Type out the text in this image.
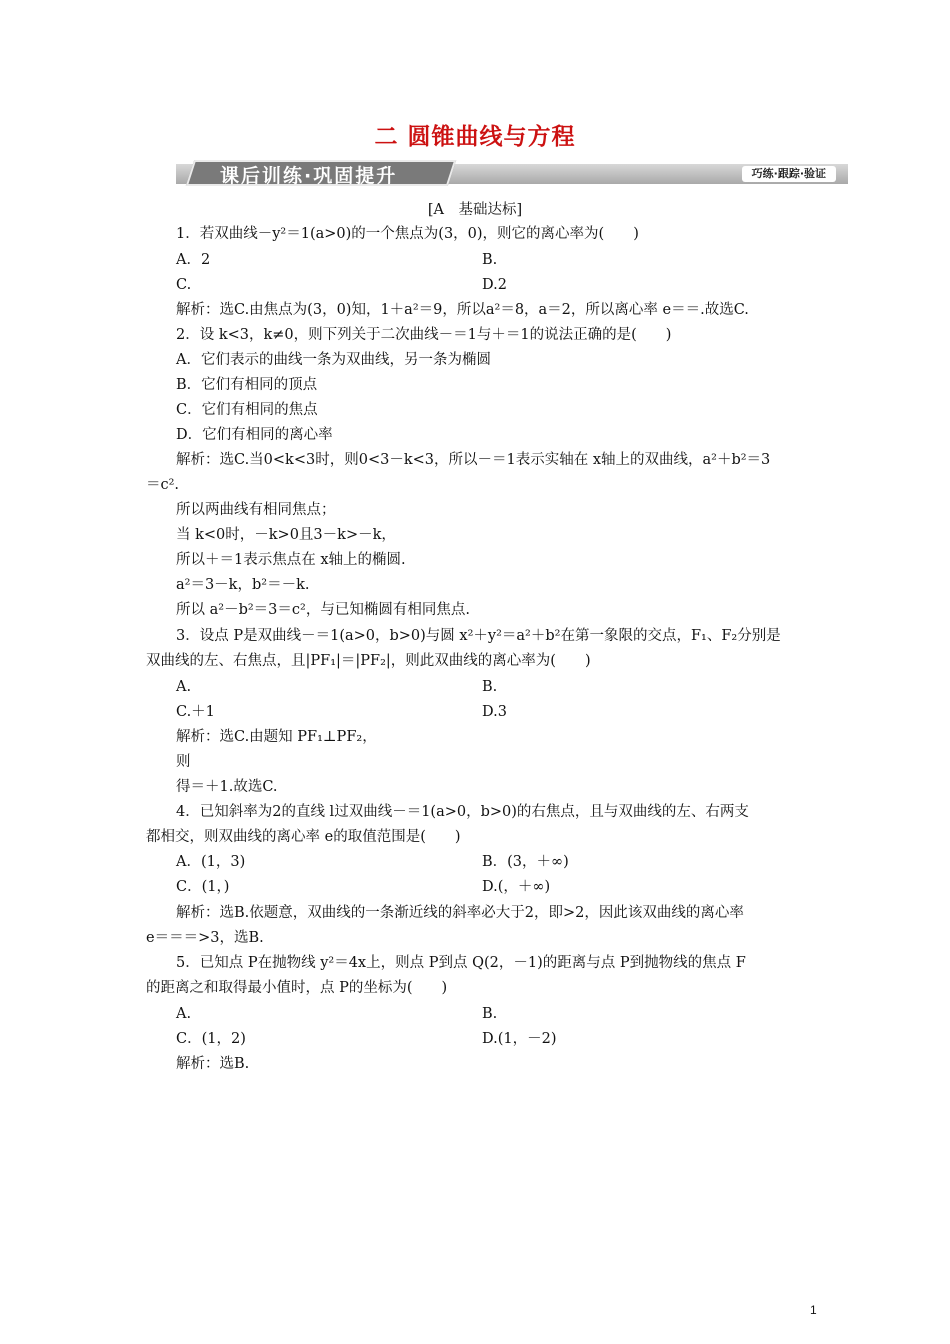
二 圆锥曲线与方程
课后训练·巩固提升	巧练·跟踪·验证
[A　基础达标]
1．若双曲线－y²＝1(a>0)的一个焦点为(3，0)，则它的离心率为(　　)
A．2	B.
C.	D.2
解析：选C.由焦点为(3，0)知，1＋a²＝9，所以a²＝8，a＝2，所以离心率 e＝＝.故选C.
2．设 k<3，k≠0，则下列关于二次曲线－＝1与＋＝1的说法正确的是(　　)
A．它们表示的曲线一条为双曲线，另一条为椭圆
B．它们有相同的顶点
C．它们有相同的焦点
D．它们有相同的离心率
解析：选C.当0<k<3时，则0<3－k<3，所以－＝1表示实轴在 x轴上的双曲线，a²＋b²＝3
＝c².
所以两曲线有相同焦点；
当 k<0时，－k>0且3－k>－k，
所以＋＝1表示焦点在 x轴上的椭圆.
a²＝3－k，b²＝－k.
所以 a²－b²＝3＝c²，与已知椭圆有相同焦点.
3．设点 P是双曲线－＝1(a>0，b>0)与圆 x²＋y²＝a²＋b²在第一象限的交点，F₁、F₂分别是
双曲线的左、右焦点，且|PF₁|＝|PF₂|，则此双曲线的离心率为(　　)
A.	B.
C.＋1	D.3
解析：选C.由题知 PF₁⊥PF₂，
则
得＝＋1.故选C.
4．已知斜率为2的直线 l过双曲线－＝1(a>0，b>0)的右焦点，且与双曲线的左、右两支
都相交，则双曲线的离心率 e的取值范围是(　　)
A．(1，3)	B．(3，＋∞)
C．(1，)	D.(，＋∞)
解析：选B.依题意，双曲线的一条渐近线的斜率必大于2，即>2，因此该双曲线的离心率
e＝＝＝>3，选B.
5．已知点 P在抛物线 y²＝4x上，则点 P到点 Q(2，－1)的距离与点 P到抛物线的焦点 F
的距离之和取得最小值时，点 P的坐标为(　　)
A.	B.
C．(1，2)	D.(1，－2)
解析：选B.
1
